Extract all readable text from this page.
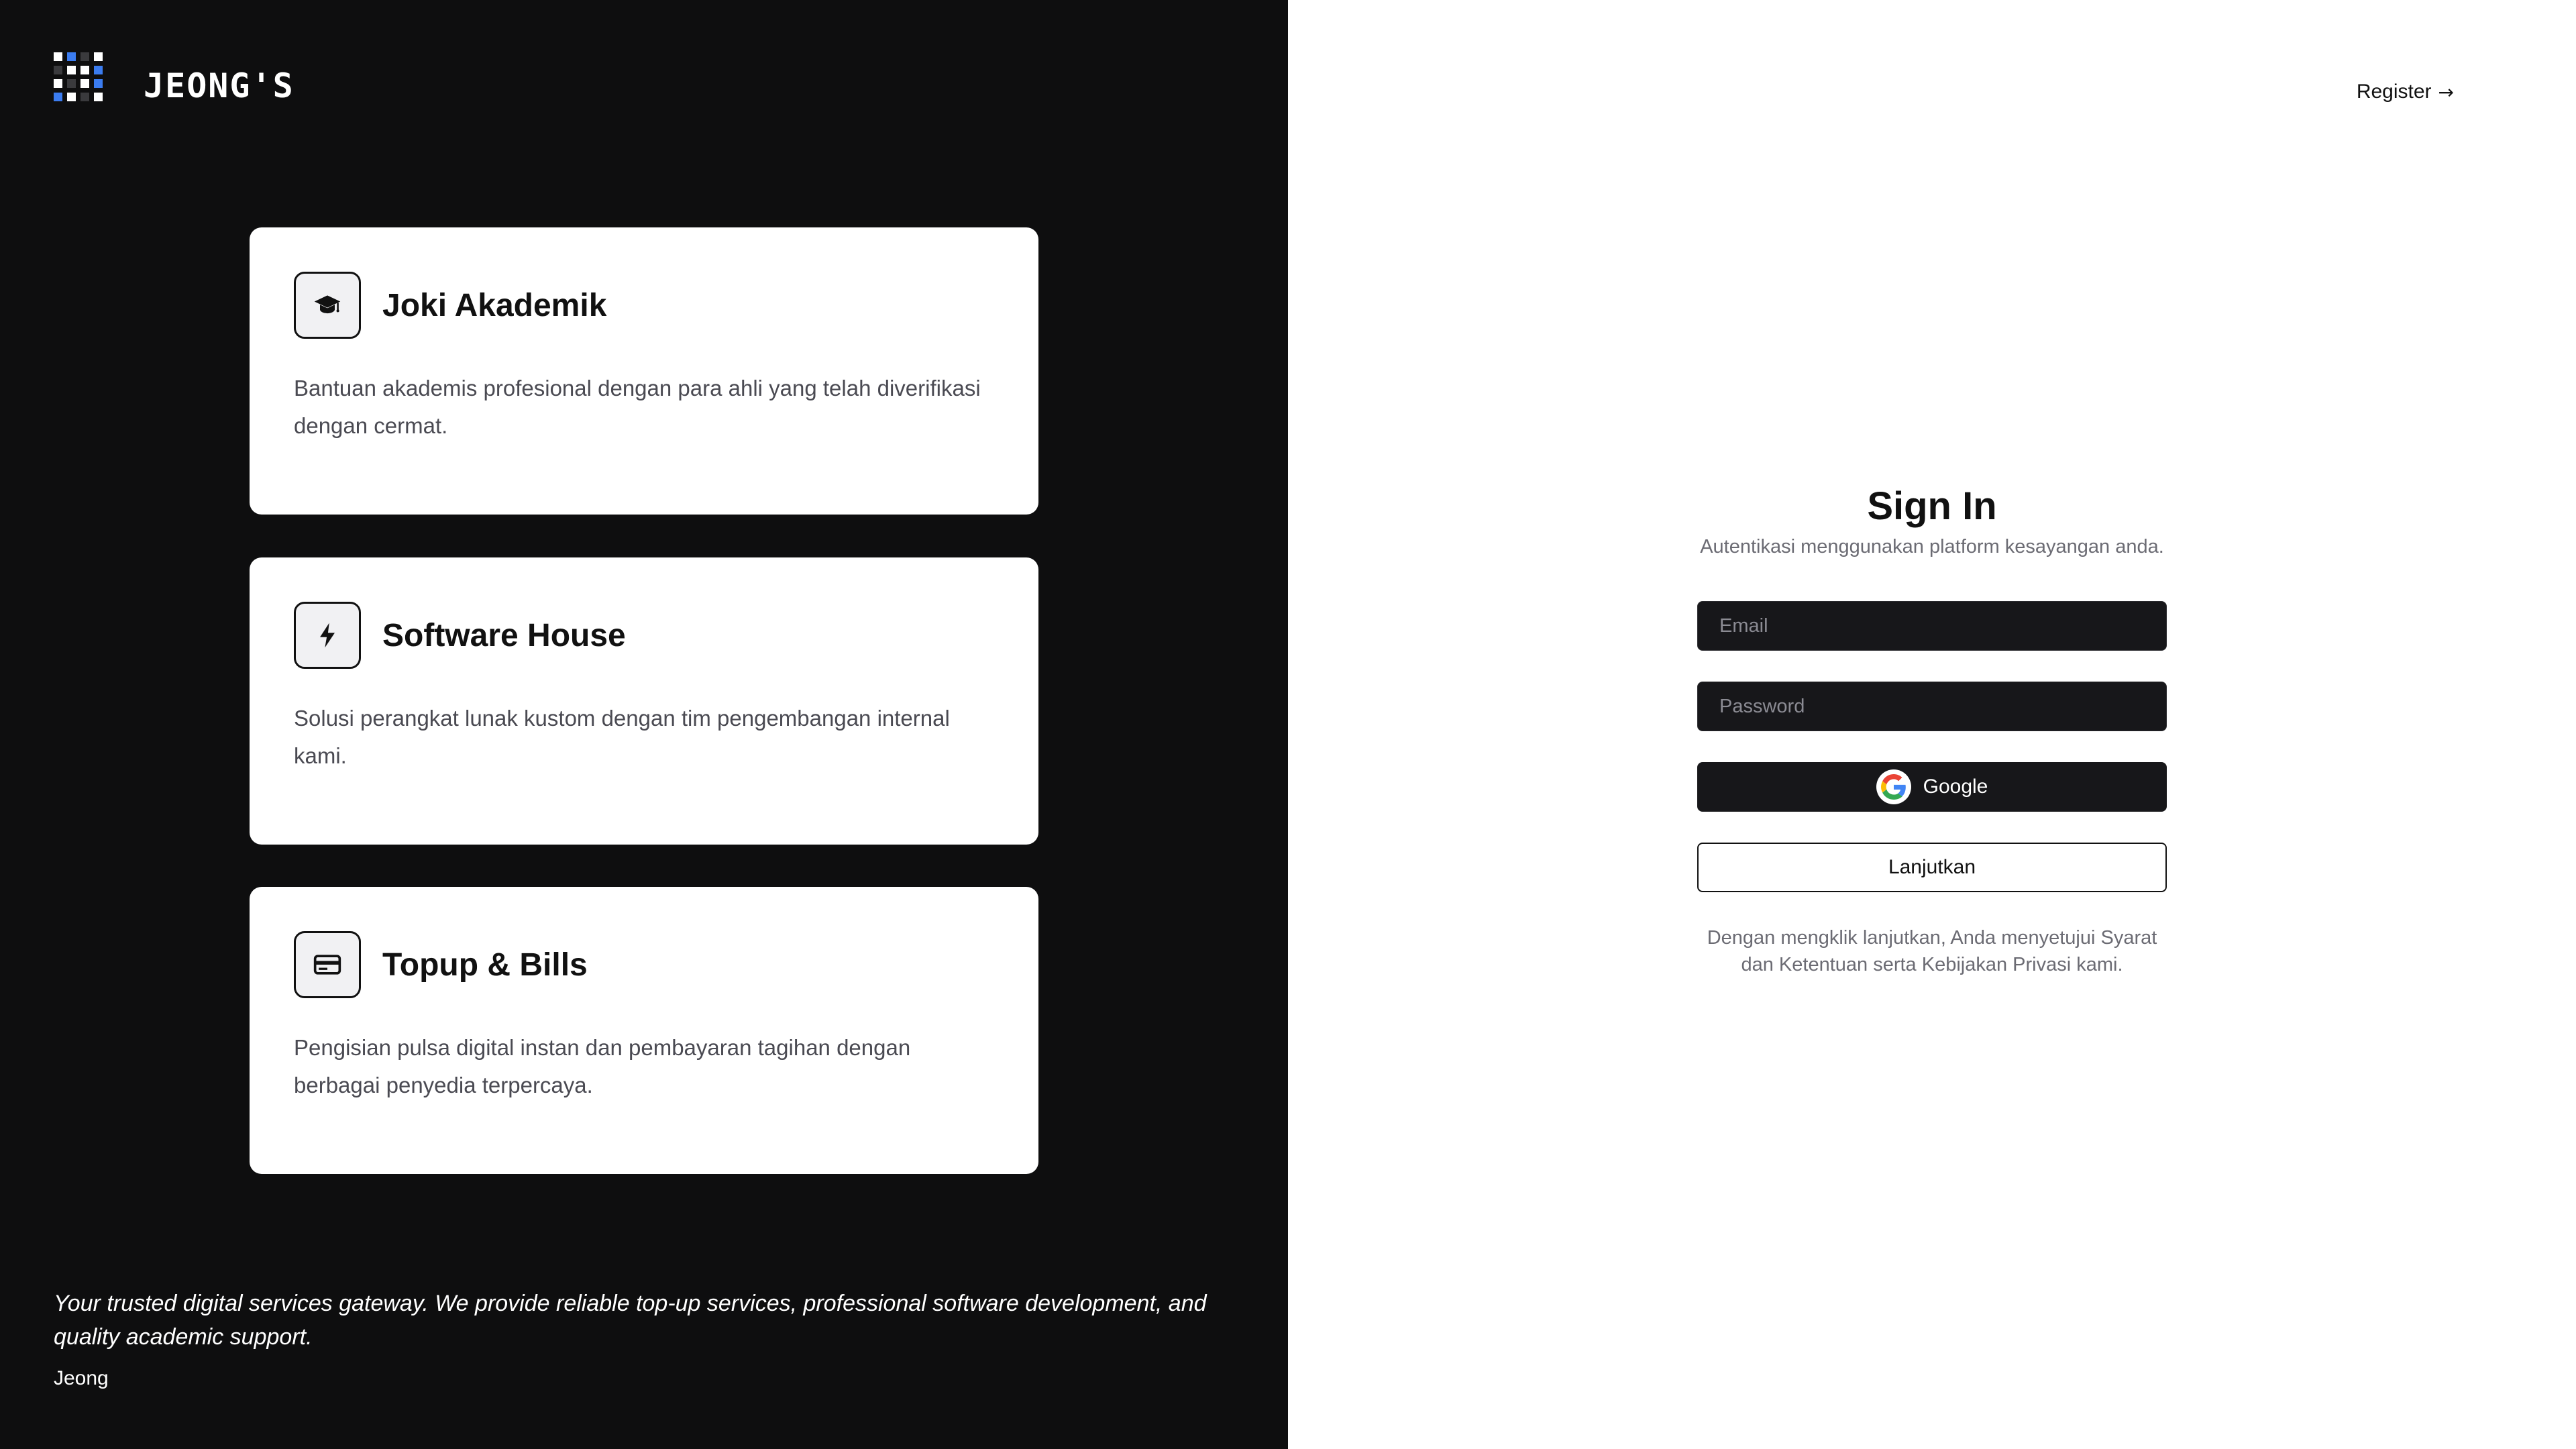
JEONG'S
Joki Akademik
Bantuan akademis profesional dengan para ahli yang telah diverifikasi dengan cermat.
Software House
Solusi perangkat lunak kustom dengan tim pengembangan internal kami.
Topup & Bills
Pengisian pulsa digital instan dan pembayaran tagihan dengan berbagai penyedia terpercaya.
Your trusted digital services gateway. We provide reliable top-up services, professional software development, and quality academic support.
Jeong
Register →
Sign In
Autentikasi menggunakan platform kesayangan anda.
Email
Google
Lanjutkan
Dengan mengklik lanjutkan, Anda menyetujui Syarat dan Ketentuan serta Kebijakan Privasi kami.
